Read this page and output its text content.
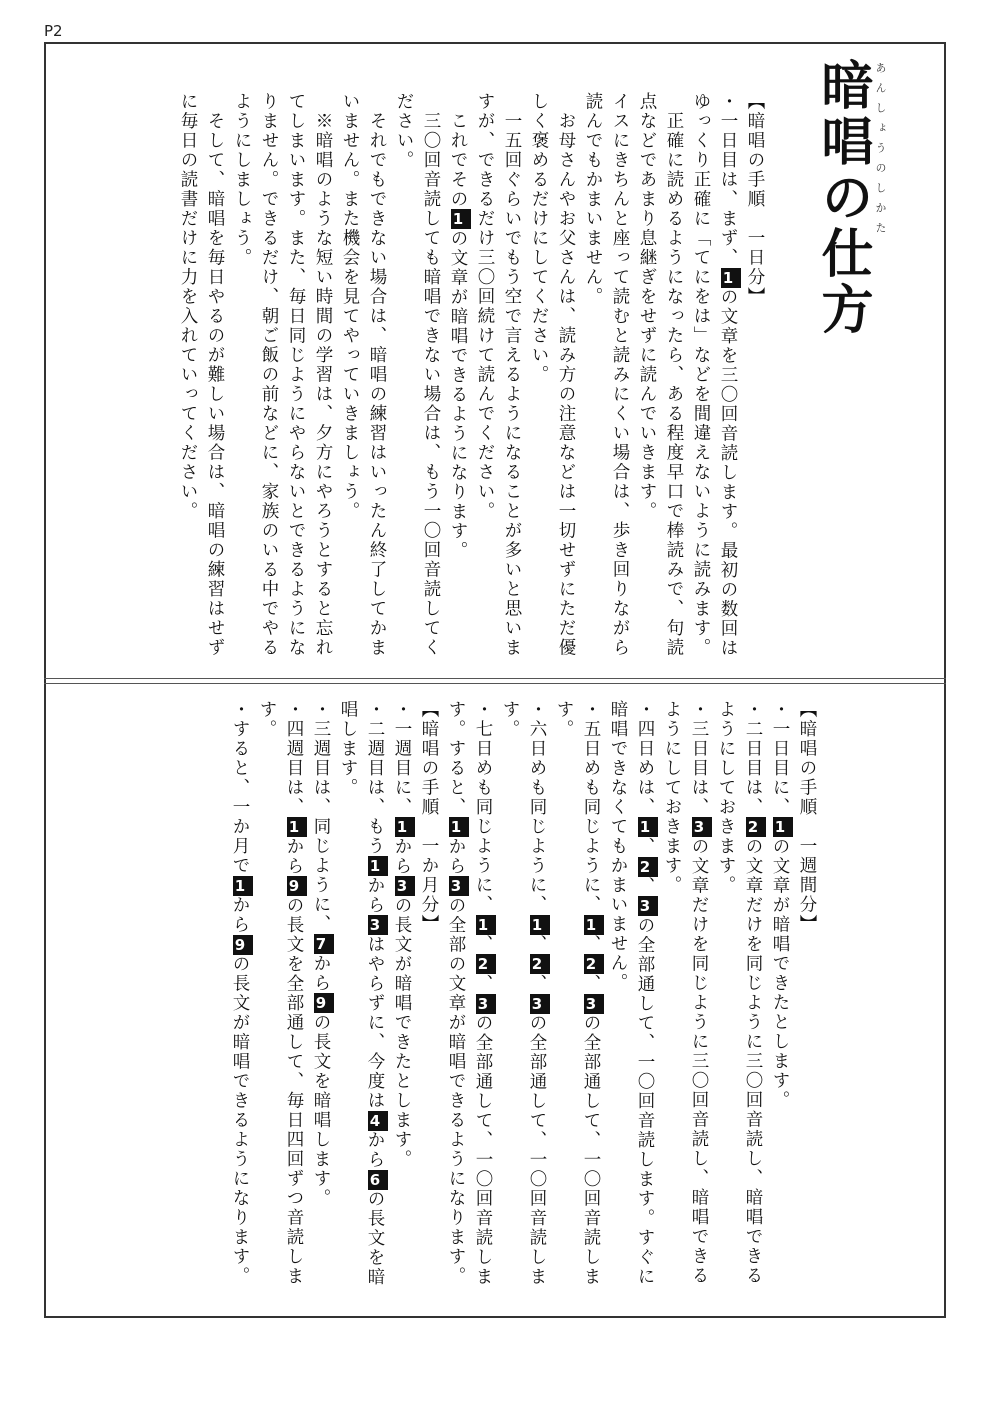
P2
暗唱の仕方 あんしょうのしかた

【暗唱の手順　一日分】

・一日目は、まず、1の文章を三〇回音読します。最初の数回はゆっくり正確に「てにをは」などを間違えないように読みます。

　正確に読めるようになったら、ある程度早口で棒読みで、句読点などであまり息継ぎをせずに読んでいきます。

イスにきちんと座って読むと読みにくい場合は、歩き回りながら読んでもかまいません。

　お母さんやお父さんは、読み方の注意などは一切せずにただ優しく褒めるだけにしてください。

　一五回ぐらいでもう空で言えるようになることが多いと思いますが、できるだけ三〇回続けて読んでください。

　これでその1の文章が暗唱できるようになります。

　三〇回音読しても暗唱できない場合は、もう一〇回音読してください。

　それでもできない場合は、暗唱の練習はいったん終了してかまいません。また機会を見てやっていきましょう。

　※暗唱のような短い時間の学習は、夕方にやろうとすると忘れてしまいます。また、毎日同じようにやらないとできるようになりません。できるだけ、朝ご飯の前などに、家族のいる中でやるようにしましょう。

　そして、暗唱を毎日やるのが難しい場合は、暗唱の練習はせずに毎日の読書だけに力を入れていってください。

【暗唱の手順　一週間分】

・一日目に、1の文章が暗唱できたとします。

・二日目は、2の文章だけを同じように三〇回音読し、暗唱できるようにしておきます。

・三日目は、3の文章だけを同じように三〇回音読し、暗唱できるようにしておきます。

・四日めは、1、2、3の全部通して、一〇回音読します。すぐに暗唱できなくてもかまいません。

・五日めも同じように、1、2、3の全部通して、一〇回音読します。

・六日めも同じように、1、2、3の全部通して、一〇回音読します。

・七日めも同じように、1、2、3の全部通して、一〇回音読します。すると、1から3の全部の文章が暗唱できるようになります。

【暗唱の手順　一か月分】

・一週目に、1から3の長文が暗唱できたとします。

・二週目は、もう1から3はやらずに、今度は4から6の長文を暗唱します。

・三週目は、同じように、7から9の長文を暗唱します。

・四週目は、1から9の長文を全部通して、毎日四回ずつ音読します。

・すると、一か月で1から9の長文が暗唱できるようになります。
